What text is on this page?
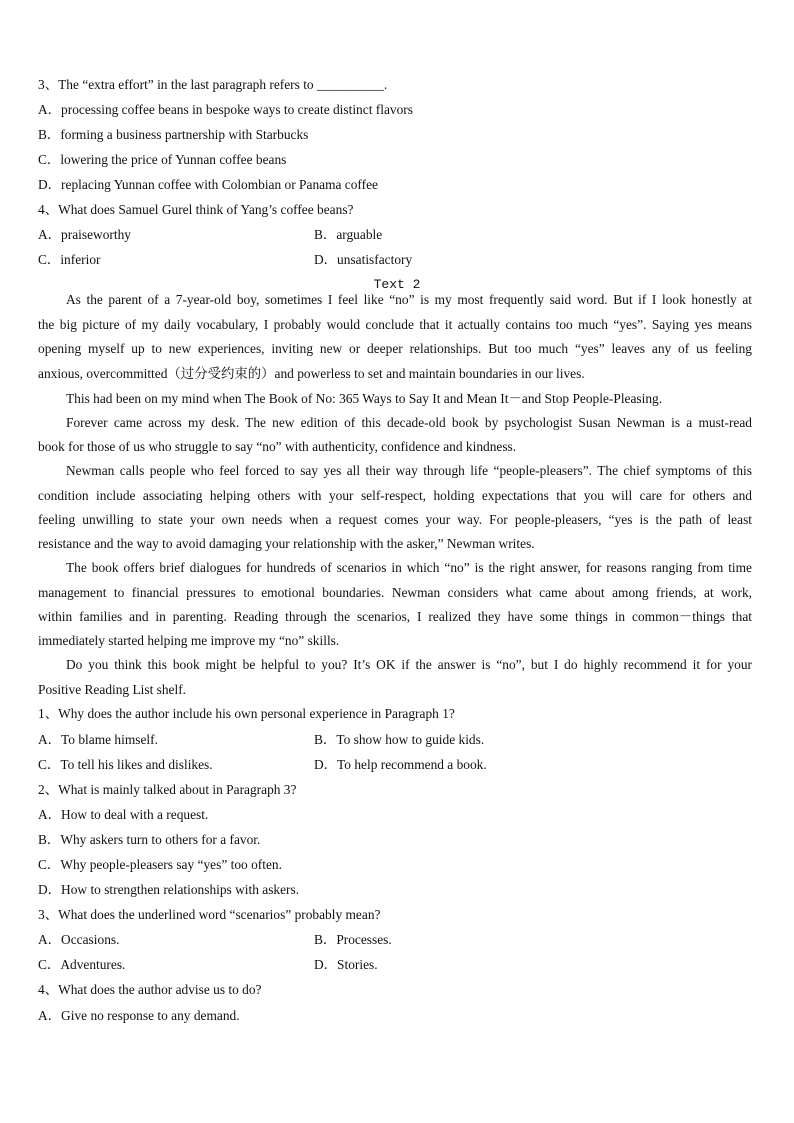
3、The “extra effort” in the last paragraph refers to __________.
A．processing coffee beans in bespoke ways to create distinct flavors
B．forming a business partnership with Starbucks
C．lowering the price of Yunnan coffee beans
D．replacing Yunnan coffee with Colombian or Panama coffee
4、What does Samuel Gurel think of Yang’s coffee beans?
A．praiseworthy	B．arguable
C．inferior	D．unsatisfactory
Text 2
As the parent of a 7-year-old boy, sometimes I feel like “no” is my most frequently said word. But if I look honestly at
the big picture of my daily vocabulary, I probably would conclude that it actually contains too much “yes”. Saying yes means
opening myself up to new experiences, inviting new or deeper relationships. But too much “yes” leaves any of us feeling
anxious, overcommitted（过分受约束的）and powerless to set and maintain boundaries in our lives.
This had been on my mind when The Book of No: 365 Ways to Say It and Mean It－and Stop People-Pleasing.
Forever came across my desk. The new edition of this decade-old book by psychologist Susan Newman is a must-read
book for those of us who struggle to say “no” with authenticity, confidence and kindness.
Newman calls people who feel forced to say yes all their way through life “people-pleasers”. The chief symptoms of this
condition include associating helping others with your self-respect, holding expectations that you will care for others and
feeling unwilling to state your own needs when a request comes your way. For people-pleasers, “yes is the path of least
resistance and the way to avoid damaging your relationship with the asker,” Newman writes.
The book offers brief dialogues for hundreds of scenarios in which “no” is the right answer, for reasons ranging from time
management to financial pressures to emotional boundaries. Newman considers what came about among friends, at work,
within families and in parenting. Reading through the scenarios, I realized they have some things in common－things that
immediately started helping me improve my “no” skills.
Do you think this book might be helpful to you? It’s OK if the answer is “no”, but I do highly recommend it for your
Positive Reading List shelf.
1、Why does the author include his own personal experience in Paragraph 1?
A．To blame himself.	B．To show how to guide kids.
C．To tell his likes and dislikes.	D．To help recommend a book.
2、What is mainly talked about in Paragraph 3?
A．How to deal with a request.
B．Why askers turn to others for a favor.
C．Why people-pleasers say “yes” too often.
D．How to strengthen relationships with askers.
3、What does the underlined word “scenarios” probably mean?
A．Occasions.	B．Processes.
C．Adventures.	D．Stories.
4、What does the author advise us to do?
A．Give no response to any demand.
